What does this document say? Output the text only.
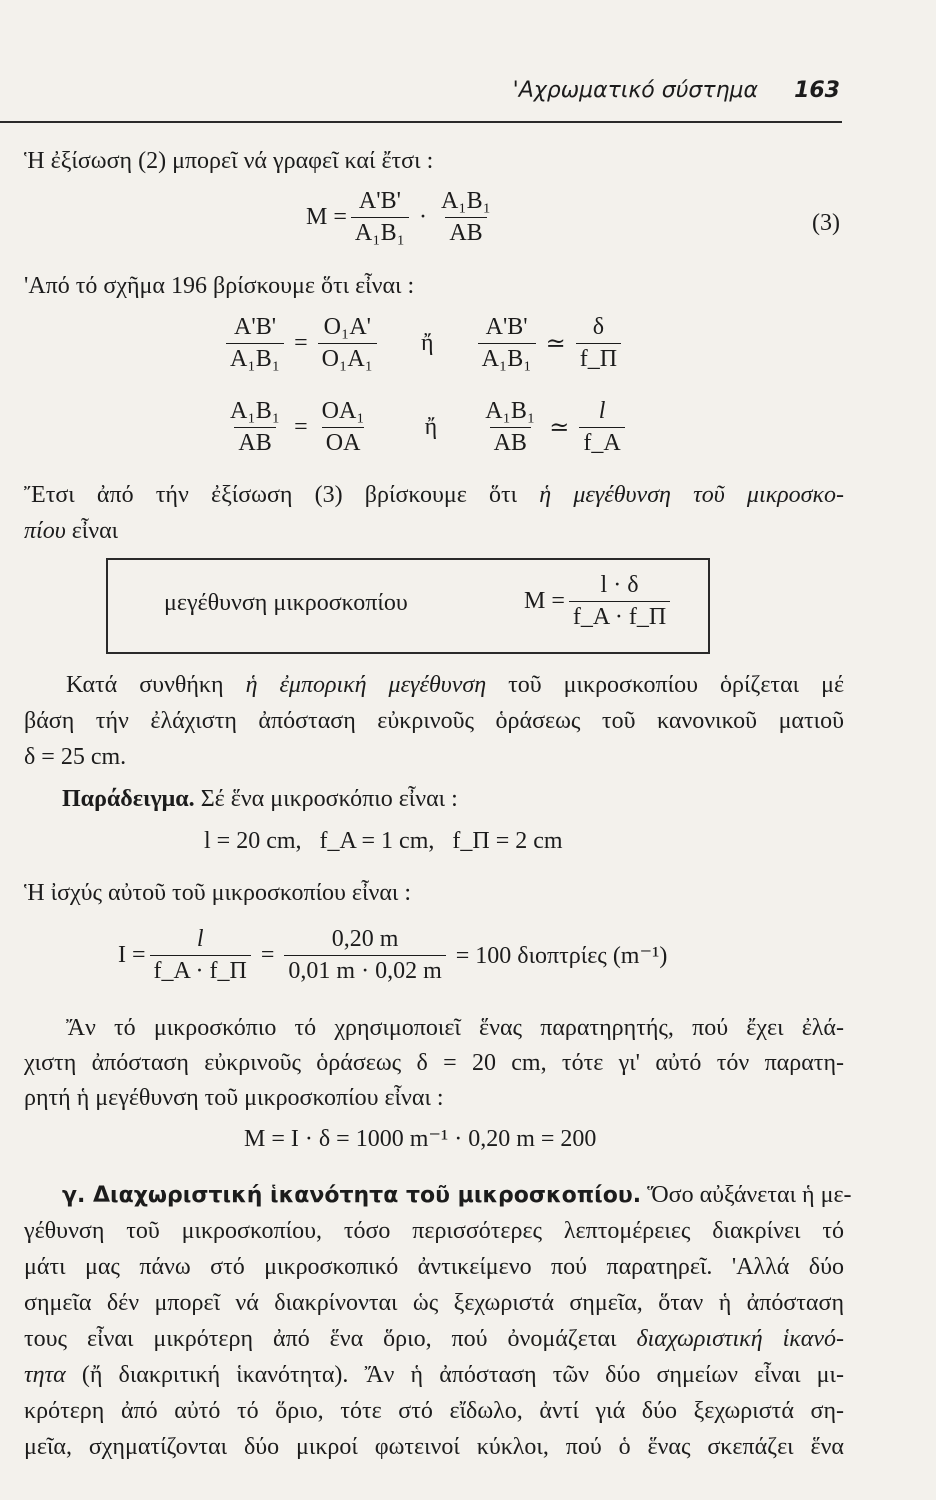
'Αχρωματικό σύστημα 163
Ἡ ἐξίσωση (2) μπορεῖ νά γραφεῖ καί ἔτσι :
$M = \frac{A'B'}{\text{A₁B₁}} \cdot \frac{\text{A₁B₁}}{AB}$	(3)
'Από τό σχῆμα 196 βρίσκουμε ὅτι εἶναι :
$\frac{A'B'}{\text{A₁B₁}} = \frac{\text{O₁A'}}{\text{O₁A₁}}$ ἤ $\frac{A'B'}{\text{A₁B₁}}$ ≃ $\frac{\delta}{f\_\Pi}$
$\frac{\text{A₁B₁}}{AB} = \frac{\text{OA₁}}{OA}$ ἤ $\frac{\text{A₁B₁}}{AB}$ ≃ $\frac{l}{f\_A}$
Ἔτσι ἀπό τήν ἐξίσωση (3) βρίσκουμε ὅτι ἡ μεγέθυνση τοῦ μικροσκο-
πίου εἶναι
μεγέθυνση μικροσκοπίου	$M = \frac{l \cdot \delta}{f\_A \cdot f\_\Pi}$
Κατά συνθήκη ἡ ἐμπορική μεγέθυνση τοῦ μικροσκοπίου ὁρίζεται μέ
βάση τήν ἐλάχιστη ἀπόσταση εὐκρινοῦς ὁράσεως τοῦ κανονικοῦ ματιοῦ
δ = 25 cm.
Παράδειγμα. Σέ ἕνα μικροσκόπιο εἶναι :
l = 20 cm,   f_A = 1 cm,   f_Π = 2 cm
Ἡ ἰσχύς αὐτοῦ τοῦ μικροσκοπίου εἶναι :
$I = \frac{l}{f\_A \cdot f\_\Pi} = \frac{0,20 m}{0,01 m \cdot 0,02 m} = 100$ διοπτρίες (m⁻¹)
Ἄν τό μικροσκόπιο τό χρησιμοποιεῖ ἕνας παρατηρητής, πού ἔχει ἐλά-
χιστη ἀπόσταση εὐκρινοῦς ὁράσεως δ = 20 cm, τότε γι' αὐτό τόν παρατη-
ρητή ἡ μεγέθυνση τοῦ μικροσκοπίου εἶναι :
M = I · δ = 1000 m⁻¹ · 0,20 m = 200
γ. Διαχωριστική ἱκανότητα τοῦ μικροσκοπίου. Ὅσο αὐξάνεται ἡ με-
γέθυνση τοῦ μικροσκοπίου, τόσο περισσότερες λεπτομέρειες διακρίνει τό
μάτι μας πάνω στό μικροσκοπικό ἀντικείμενο πού παρατηρεῖ. 'Αλλά δύο
σημεῖα δέν μπορεῖ νά διακρίνονται ὡς ξεχωριστά σημεῖα, ὅταν ἡ ἀπόσταση
τους εἶναι μικρότερη ἀπό ἕνα ὅριο, πού ὀνομάζεται διαχωριστική ἱκανό-
τητα (ἤ διακριτική ἱκανότητα). Ἄν ἡ ἀπόσταση τῶν δύο σημείων εἶναι μι-
κρότερη ἀπό αὐτό τό ὅριο, τότε στό εἴδωλο, ἀντί γιά δύο ξεχωριστά ση-
μεῖα, σχηματίζονται δύο μικροί φωτεινοί κύκλοι, πού ὁ ἕνας σκεπάζει ἕνα
